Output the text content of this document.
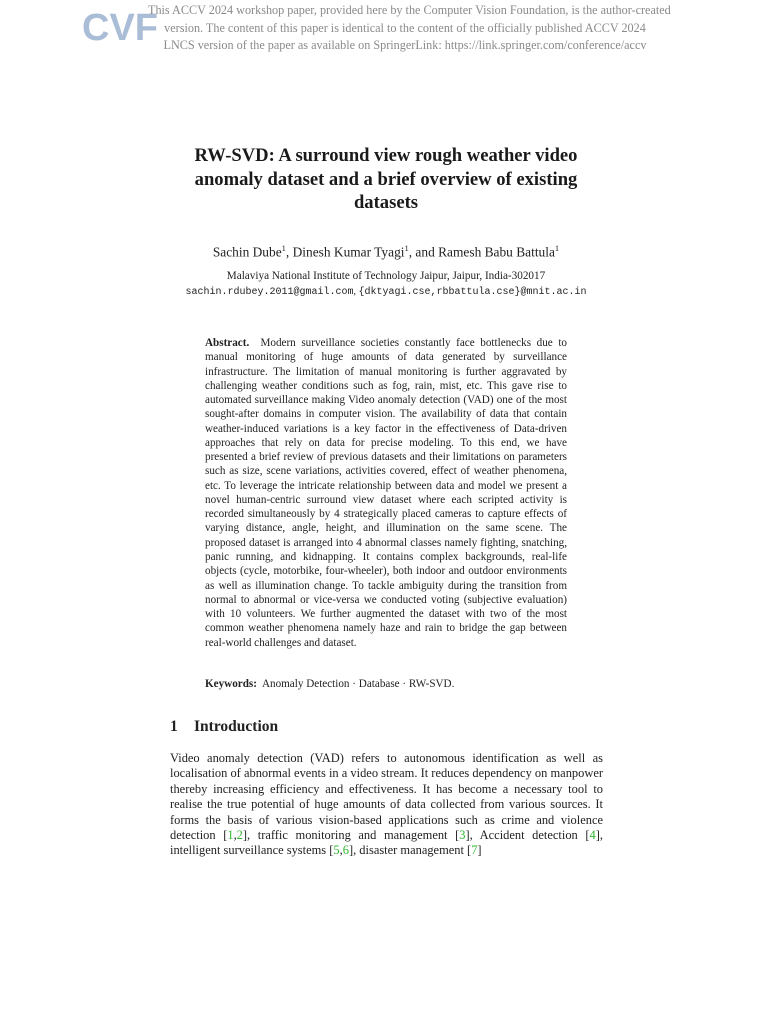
CVF
This ACCV 2024 workshop paper, provided here by the Computer Vision Foundation, is the author-created
version. The content of this paper is identical to the content of the officially published ACCV 2024
LNCS version of the paper as available on SpringerLink: https://link.springer.com/conference/accv
RW-SVD: A surround view rough weather video
anomaly dataset and a brief overview of existing
datasets
Sachin Dube$^1$, Dinesh Kumar Tyagi$^1$, and Ramesh Babu Battula$^1$
Malaviya National Institute of Technology Jaipur, Jaipur, India-302017
sachin.rdubey.2011@gmail.com, {dktyagi.cse,rbbattula.cse}@mnit.ac.in
Abstract. Modern surveillance societies constantly face bottlenecks due to manual monitoring of huge amounts of data generated by surveillance infrastructure. The limitation of manual monitoring is further aggravated by challenging weather conditions such as fog, rain, mist, etc. This gave rise to automated surveillance making Video anomaly detection (VAD) one of the most sought-after domains in computer vision. The availability of data that contain weather-induced variations is a key factor in the effectiveness of Data-driven approaches that rely on data for precise modeling. To this end, we have presented a brief review of previous datasets and their limitations on parameters such as size, scene variations, activities covered, effect of weather phenomena, etc. To leverage the intricate relationship between data and model we present a novel human-centric surround view dataset where each scripted activity is recorded simultaneously by 4 strategically placed cameras to capture effects of varying distance, angle, height, and illumination on the same scene. The proposed dataset is arranged into 4 abnormal classes namely fighting, snatching, panic running, and kidnapping. It contains complex backgrounds, real-life objects (cycle, motorbike, four-wheeler), both indoor and outdoor environments as well as illumination change. To tackle ambiguity during the transition from normal to abnormal or vice-versa we conducted voting (subjective evaluation) with 10 volunteers. We further augmented the dataset with two of the most common weather phenomena namely haze and rain to bridge the gap between real-world challenges and dataset.
Keywords: Anomaly Detection · Database · RW-SVD.
1 Introduction
Video anomaly detection (VAD) refers to autonomous identification as well as localisation of abnormal events in a video stream. It reduces dependency on manpower thereby increasing efficiency and effectiveness. It has become a necessary tool to realise the true potential of huge amounts of data collected from various sources. It forms the basis of various vision-based applications such as crime and violence detection [1,2], traffic monitoring and management [3], Accident detection [4], intelligent surveillance systems [5,6], disaster management [7]
